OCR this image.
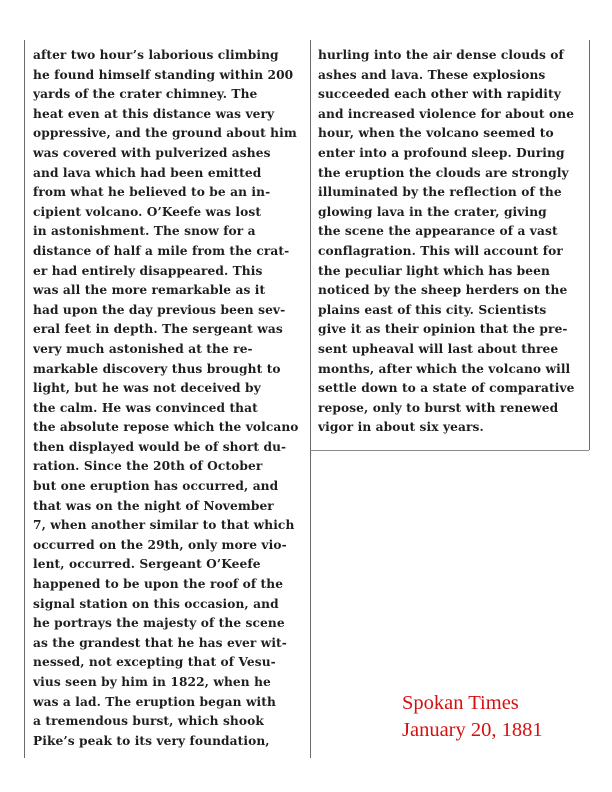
after two hour’s laborious climbing
he found himself standing within 200
yards of the crater chimney. The
heat even at this distance was very
oppressive, and the ground about him
was covered with pulverized ashes
and lava which had been emitted
from what he believed to be an in-
cipient volcano. O’Keefe was lost
in astonishment. The snow for a
distance of half a mile from the crat-
er had entirely disappeared. This
was all the more remarkable as it
had upon the day previous been sev-
eral feet in depth. The sergeant was
very much astonished at the re-
markable discovery thus brought to
light, but he was not deceived by
the calm. He was convinced that
the absolute repose which the volcano
then displayed would be of short du-
ration. Since the 20th of October
but one eruption has occurred, and
that was on the night of November
7, when another similar to that which
occurred on the 29th, only more vio-
lent, occurred. Sergeant O’Keefe
happened to be upon the roof of the
signal station on this occasion, and
he portrays the majesty of the scene
as the grandest that he has ever wit-
nessed, not excepting that of Vesu-
vius seen by him in 1822, when he
was a lad. The eruption began with
a tremendous burst, which shook
Pike’s peak to its very foundation,
hurling into the air dense clouds of
ashes and lava. These explosions
succeeded each other with rapidity
and increased violence for about one
hour, when the volcano seemed to
enter into a profound sleep. During
the eruption the clouds are strongly
illuminated by the reflection of the
glowing lava in the crater, giving
the scene the appearance of a vast
conflagration. This will account for
the peculiar light which has been
noticed by the sheep herders on the
plains east of this city. Scientists
give it as their opinion that the pre-
sent upheaval will last about three
months, after which the volcano will
settle down to a state of comparative
repose, only to burst with renewed
vigor in about six years.
Spokan Times
January 20, 1881
